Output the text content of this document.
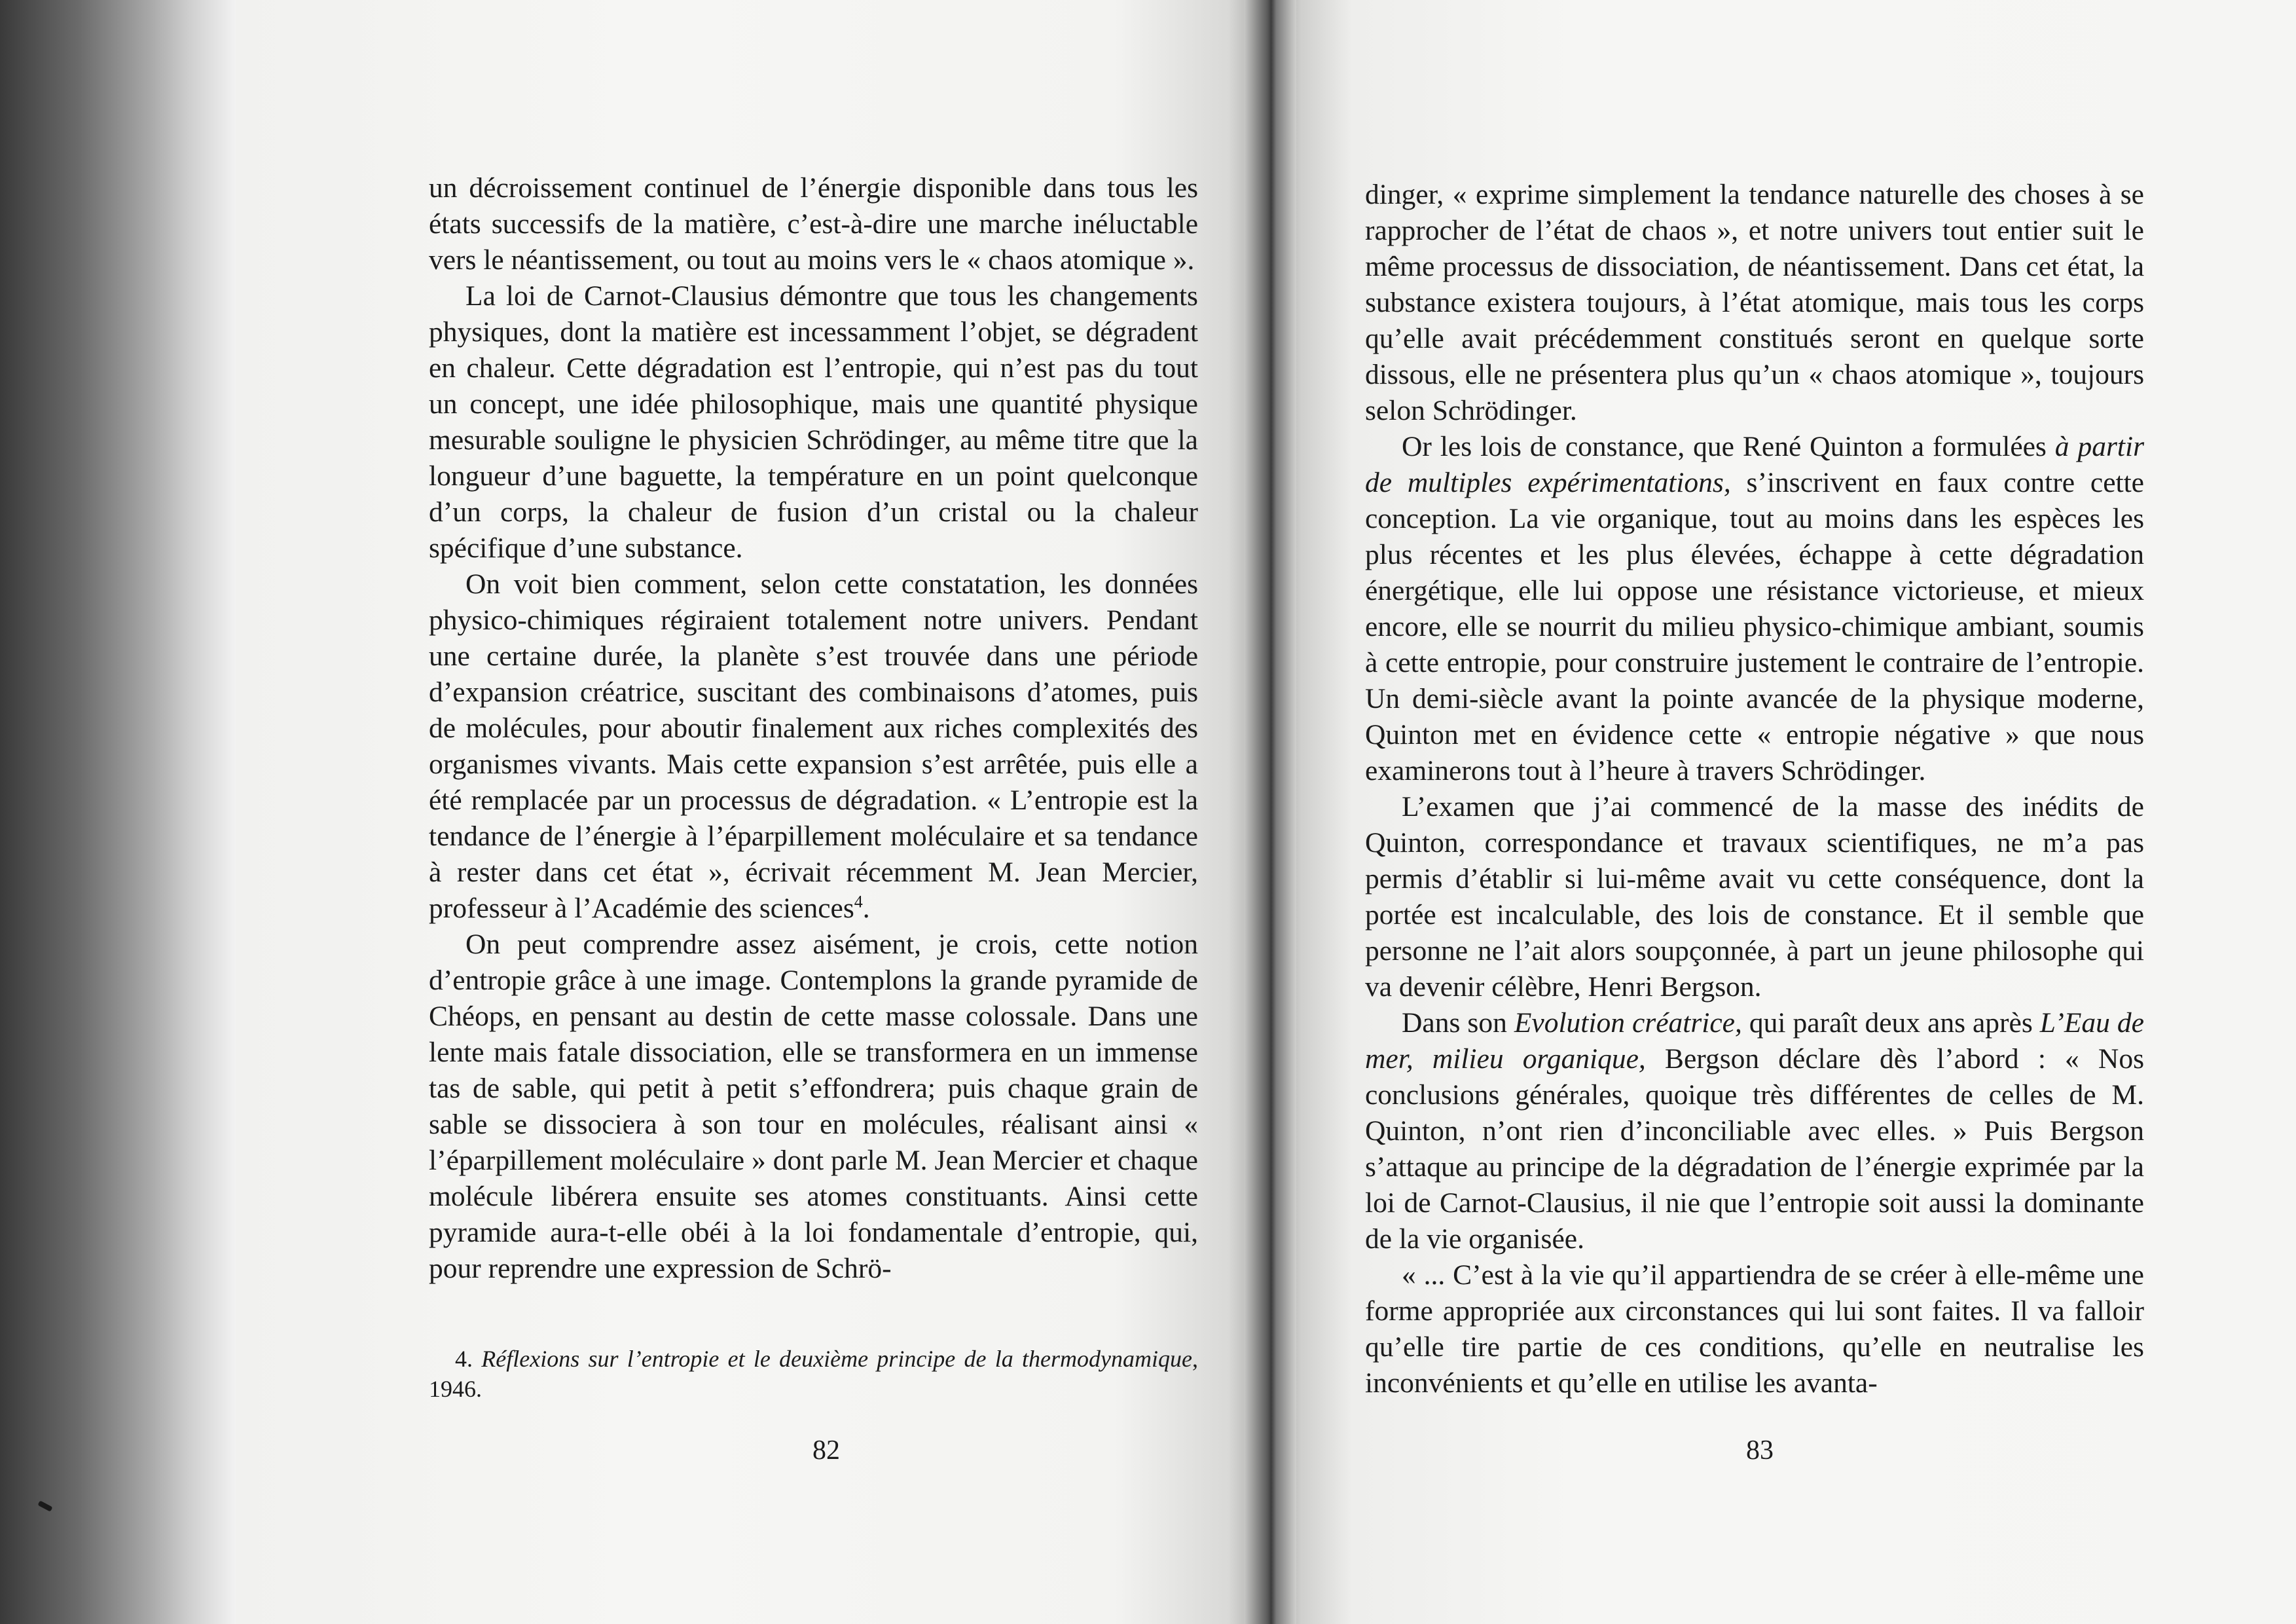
un décroissement continuel de l’énergie disponible dans tous les états successifs de la matière, c’est-à-dire une marche inéluctable vers le néantissement, ou tout au moins vers le « chaos atomique ».

La loi de Carnot-Clausius démontre que tous les changements physiques, dont la matière est incessamment l’objet, se dégradent en chaleur. Cette dégradation est l’entropie, qui n’est pas du tout un concept, une idée philosophique, mais une quantité physique mesurable souligne le physicien Schrödinger, au même titre que la longueur d’une baguette, la température en un point quelconque d’un corps, la chaleur de fusion d’un cristal ou la chaleur spécifique d’une substance.

On voit bien comment, selon cette constatation, les données physico-chimiques régiraient totalement notre univers. Pendant une certaine durée, la planète s’est trouvée dans une période d’expansion créatrice, suscitant des combinaisons d’atomes, puis de molécules, pour aboutir finalement aux riches complexités des organismes vivants. Mais cette expansion s’est arrêtée, puis elle a été remplacée par un processus de dégradation. « L’entropie est la tendance de l’énergie à l’éparpillement moléculaire et sa tendance à rester dans cet état », écrivait récemment M. Jean Mercier, professeur à l’Académie des sciences$^4$.

On peut comprendre assez aisément, je crois, cette notion d’entropie grâce à une image. Contemplons la grande pyramide de Chéops, en pensant au destin de cette masse colossale. Dans une lente mais fatale dissociation, elle se transformera en un immense tas de sable, qui petit à petit s’effondrera; puis chaque grain de sable se dissociera à son tour en molécules, réalisant ainsi « l’éparpillement moléculaire » dont parle M. Jean Mercier et chaque molécule libérera ensuite ses atomes constituants. Ainsi cette pyramide aura-t-elle obéi à la loi fondamentale d’entropie, qui, pour reprendre une expression de Schrö-

4. Réflexions sur l’entropie et le deuxième principe de la thermodynamique, 1946.
82

dinger, « exprime simplement la tendance naturelle des choses à se rapprocher de l’état de chaos », et notre univers tout entier suit le même processus de dissociation, de néantissement. Dans cet état, la substance existera toujours, à l’état atomique, mais tous les corps qu’elle avait précédemment constitués seront en quelque sorte dissous, elle ne présentera plus qu’un « chaos atomique », toujours selon Schrödinger.

Or les lois de constance, que René Quinton a formulées à partir de multiples expérimentations, s’inscrivent en faux contre cette conception. La vie organique, tout au moins dans les espèces les plus récentes et les plus élevées, échappe à cette dégradation énergétique, elle lui oppose une résistance victorieuse, et mieux encore, elle se nourrit du milieu physico-chimique ambiant, soumis à cette entropie, pour construire justement le contraire de l’entropie. Un demi-siècle avant la pointe avancée de la physique moderne, Quinton met en évidence cette « entropie négative » que nous examinerons tout à l’heure à travers Schrödinger.

L’examen que j’ai commencé de la masse des inédits de Quinton, correspondance et travaux scientifiques, ne m’a pas permis d’établir si lui-même avait vu cette conséquence, dont la portée est incalculable, des lois de constance. Et il semble que personne ne l’ait alors soupçonnée, à part un jeune philosophe qui va devenir célèbre, Henri Bergson.

Dans son Evolution créatrice, qui paraît deux ans après L’Eau de mer, milieu organique, Bergson déclare dès l’abord : « Nos conclusions générales, quoique très différentes de celles de M. Quinton, n’ont rien d’inconciliable avec elles. » Puis Bergson s’attaque au principe de la dégradation de l’énergie exprimée par la loi de Carnot-Clausius, il nie que l’entropie soit aussi la dominante de la vie organisée.

« ... C’est à la vie qu’il appartiendra de se créer à elle-même une forme appropriée aux circonstances qui lui sont faites. Il va falloir qu’elle tire partie de ces conditions, qu’elle en neutralise les inconvénients et qu’elle en utilise les avanta-

83
